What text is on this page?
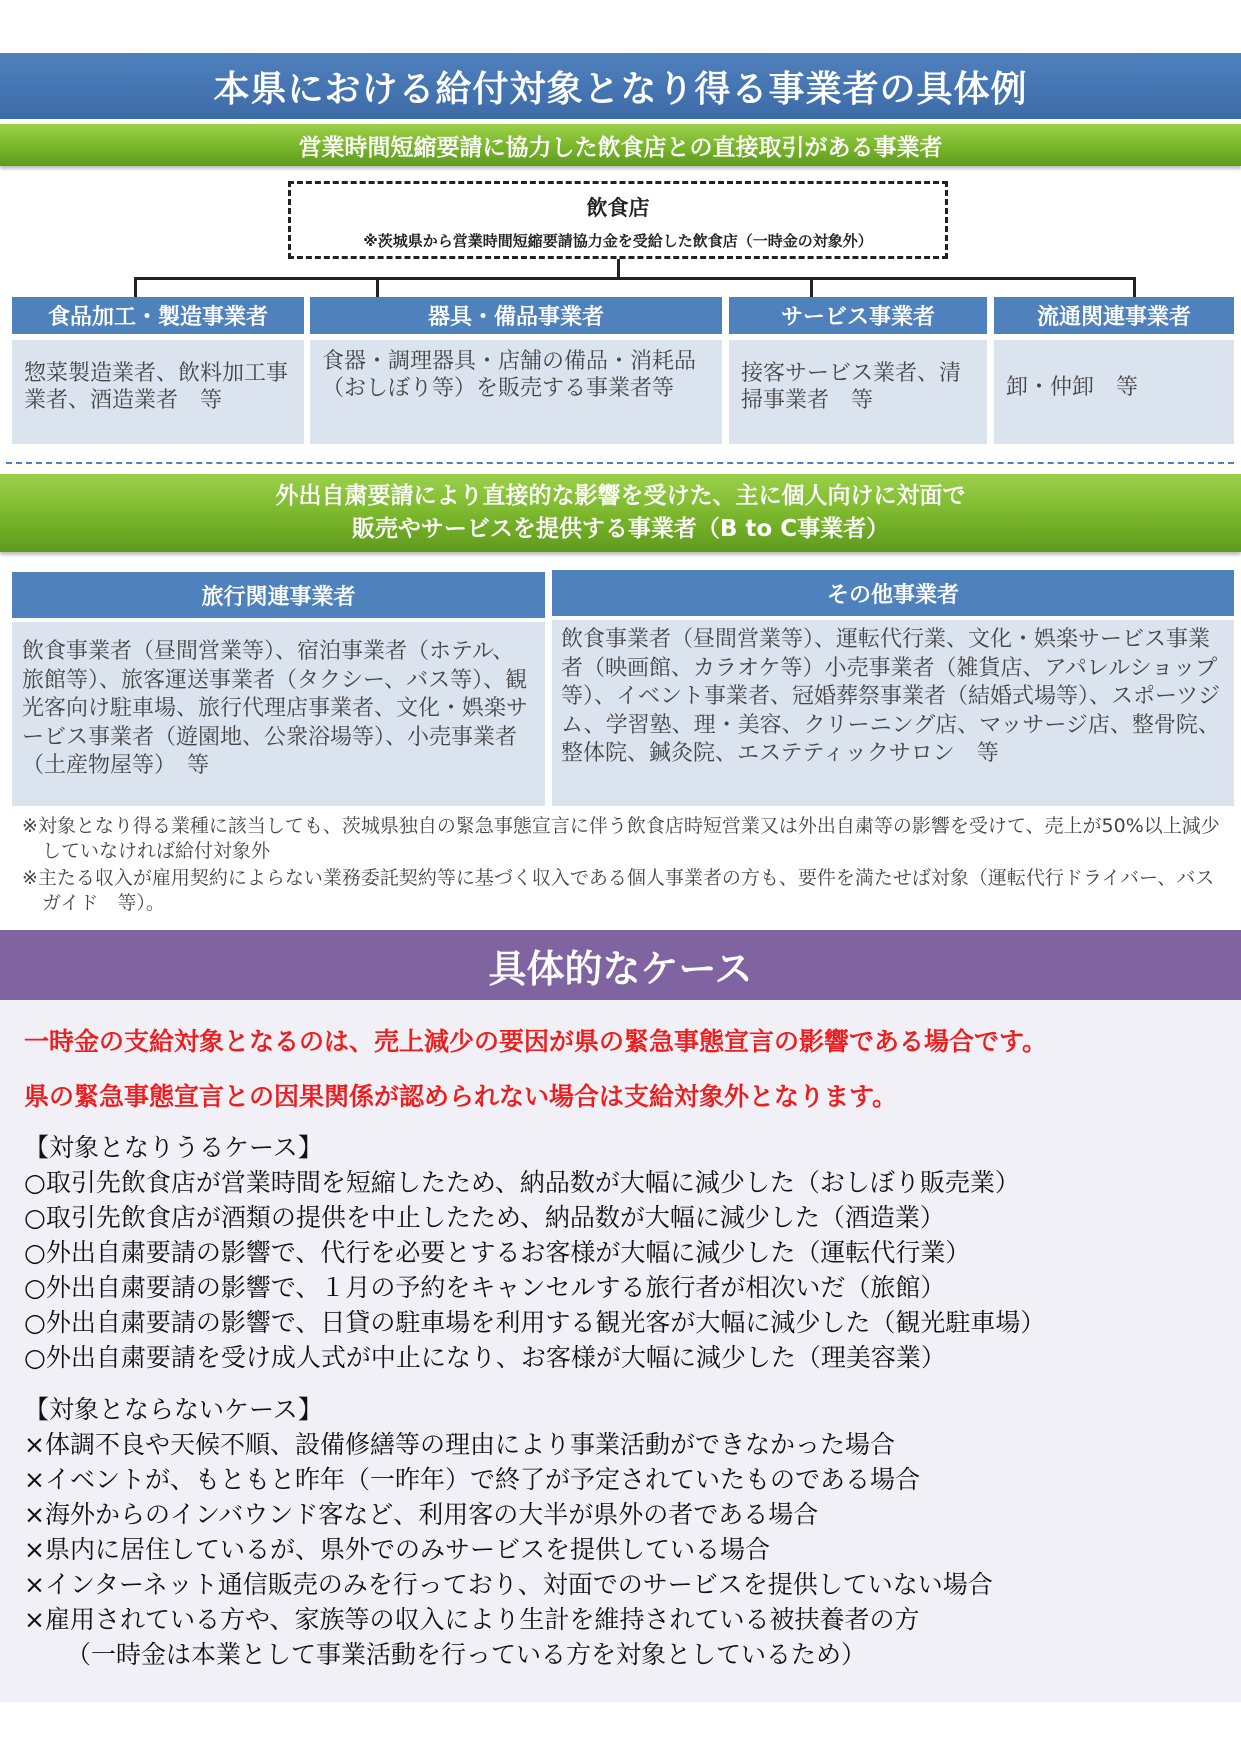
本県における給付対象となり得る事業者の具体例
営業時間短縮要請に協力した飲食店との直接取引がある事業者
飲食店
※茨城県から営業時間短縮要請協力金を受給した飲食店（一時金の対象外）
食品加工・製造事業者
惣菜製造業者、飲料加工事業者、酒造業者　等
器具・備品事業者
食器・調理器具・店舗の備品・消耗品（おしぼり等）を販売する事業者等
サービス事業者
接客サービス業者、清掃事業者　等
流通関連事業者
卸・仲卸　等
外出自粛要請により直接的な影響を受けた、主に個人向けに対面で
販売やサービスを提供する事業者（B to C事業者）
旅行関連事業者
飲食事業者（昼間営業等）、宿泊事業者（ホテル、旅館等）、旅客運送事業者（タクシー、バス等）、観光客向け駐車場、旅行代理店事業者、文化・娯楽サービス事業者（遊園地、公衆浴場等）、小売事業者（土産物屋等）　等
その他事業者
飲食事業者（昼間営業等）、運転代行業、文化・娯楽サービス事業者（映画館、カラオケ等）小売事業者（雑貨店、アパレルショップ　等）、イベント事業者、冠婚葬祭事業者（結婚式場等）、スポーツジム、学習塾、理・美容、クリーニング店、マッサージ店、整骨院、整体院、鍼灸院、エステティックサロン　等
※対象となり得る業種に該当しても、茨城県独自の緊急事態宣言に伴う飲食店時短営業又は外出自粛等の影響を受けて、売上が50%以上減少していなければ給付対象外
※主たる収入が雇用契約によらない業務委託契約等に基づく収入である個人事業者の方も、要件を満たせば対象（運転代行ドライバー、バスガイド　等）。
具体的なケース
一時金の支給対象となるのは、売上減少の要因が県の緊急事態宣言の影響である場合です。
県の緊急事態宣言との因果関係が認められない場合は支給対象外となります。
【対象となりうるケース】
○取引先飲食店が営業時間を短縮したため、納品数が大幅に減少した（おしぼり販売業）
○取引先飲食店が酒類の提供を中止したため、納品数が大幅に減少した（酒造業）
○外出自粛要請の影響で、代行を必要とするお客様が大幅に減少した（運転代行業）
○外出自粛要請の影響で、１月の予約をキャンセルする旅行者が相次いだ（旅館）
○外出自粛要請の影響で、日貸の駐車場を利用する観光客が大幅に減少した（観光駐車場）
○外出自粛要請を受け成人式が中止になり、お客様が大幅に減少した（理美容業）
【対象とならないケース】
×体調不良や天候不順、設備修繕等の理由により事業活動ができなかった場合
×イベントが、もともと昨年（一昨年）で終了が予定されていたものである場合
×海外からのインバウンド客など、利用客の大半が県外の者である場合
×県内に居住しているが、県外でのみサービスを提供している場合
×インターネット通信販売のみを行っており、対面でのサービスを提供していない場合
×雇用されている方や、家族等の収入により生計を維持されている被扶養者の方
（一時金は本業として事業活動を行っている方を対象としているため）
